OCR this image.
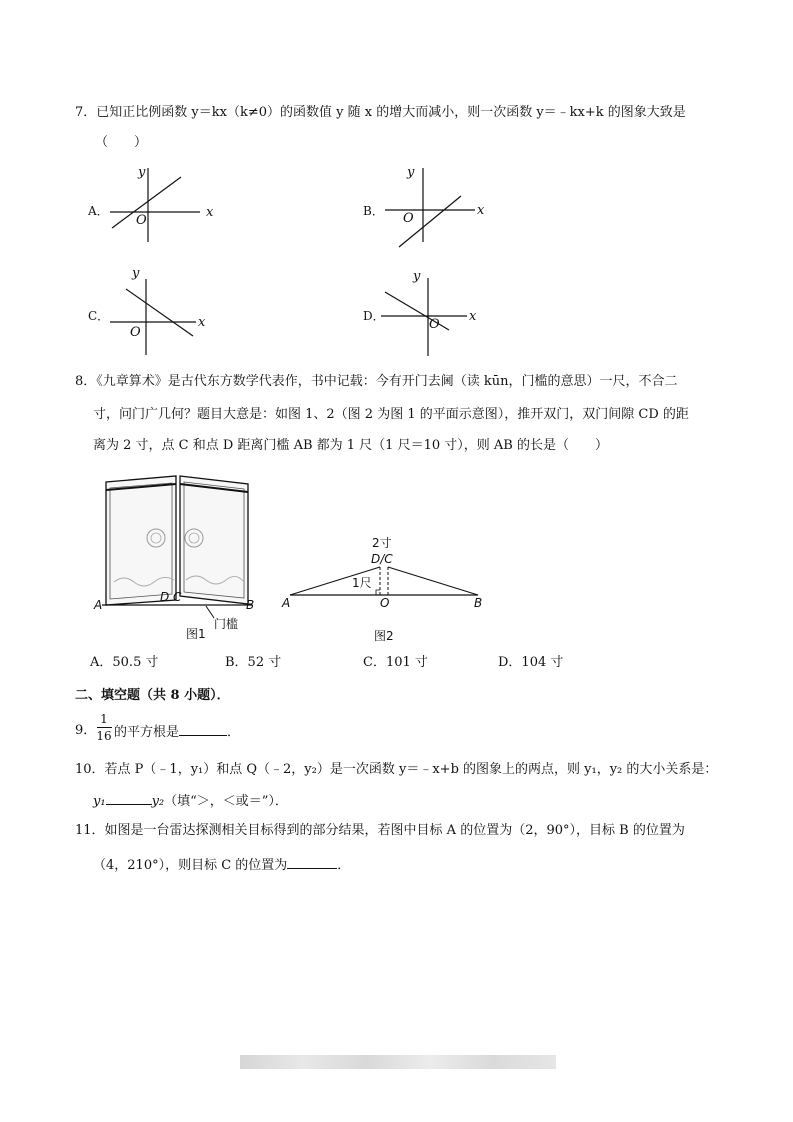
7．已知正比例函数 y＝kx（k≠0）的函数值 y 随 x 的增大而减小，则一次函数 y＝﹣kx+k 的图象大致是
（　　）
A．	x
y
O
B．	x
y
O
C．	x
y
O
D．	x
y
O
8．《九章算术》是古代东方数学代表作，书中记载：今有开门去阃（读 kūn，门槛的意思）一尺，不合二
寸，问门广几何？题目大意是：如图 1、2（图 2 为图 1 的平面示意图），推开双门，双门间隙 CD 的距
离为 2 寸，点 C 和点 D 距离门槛 AB 都为 1 尺（1 尺＝10 寸），则 AB 的长是（　　）
A	B
D C
门槛
图1
2寸
D/C
1尺
A	O	B
图2
A．50.5 寸	B．52 寸	C．101 寸	D．104 寸
二、填空题（共 8 小题）．
9．
1
16 的平方根是	．
10．若点 P（﹣1，y₁）和点 Q（﹣2，y₂）是一次函数 y＝﹣x+b 的图象上的两点，则 y₁，y₂ 的大小关系是：
y₁	y₂（填“＞，＜或＝”）．
11．如图是一台雷达探测相关目标得到的部分结果，若图中目标 A 的位置为（2，90°），目标 B 的位置为
（4，210°），则目标 C 的位置为	．
